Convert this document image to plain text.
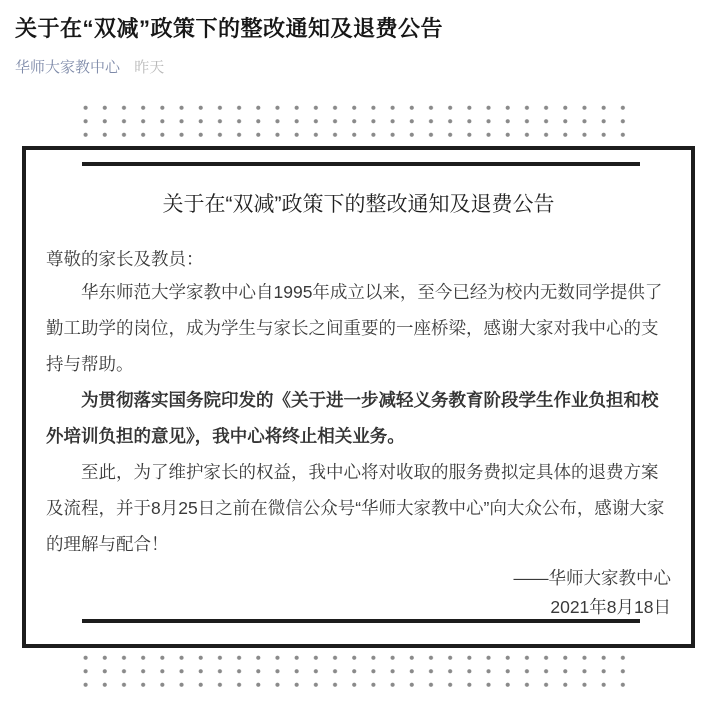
关于在“双减”政策下的整改通知及退费公告
华师大家教中心 昨天
关于在“双减”政策下的整改通知及退费公告

尊敬的家长及教员：

华东师范大学家教中心自1995年成立以来，至今已经为校内无数同学提供了勤工助学的岗位，成为学生与家长之间重要的一座桥梁，感谢大家对我中心的支持与帮助。

为贯彻落实国务院印发的《关于进一步减轻义务教育阶段学生作业负担和校外培训负担的意见》，我中心将终止相关业务。

至此，为了维护家长的权益，我中心将对收取的服务费拟定具体的退费方案及流程，并于8月25日之前在微信公众号“华师大家教中心”向大众公布，感谢大家的理解与配合！

——华师大家教中心

2021年8月18日
